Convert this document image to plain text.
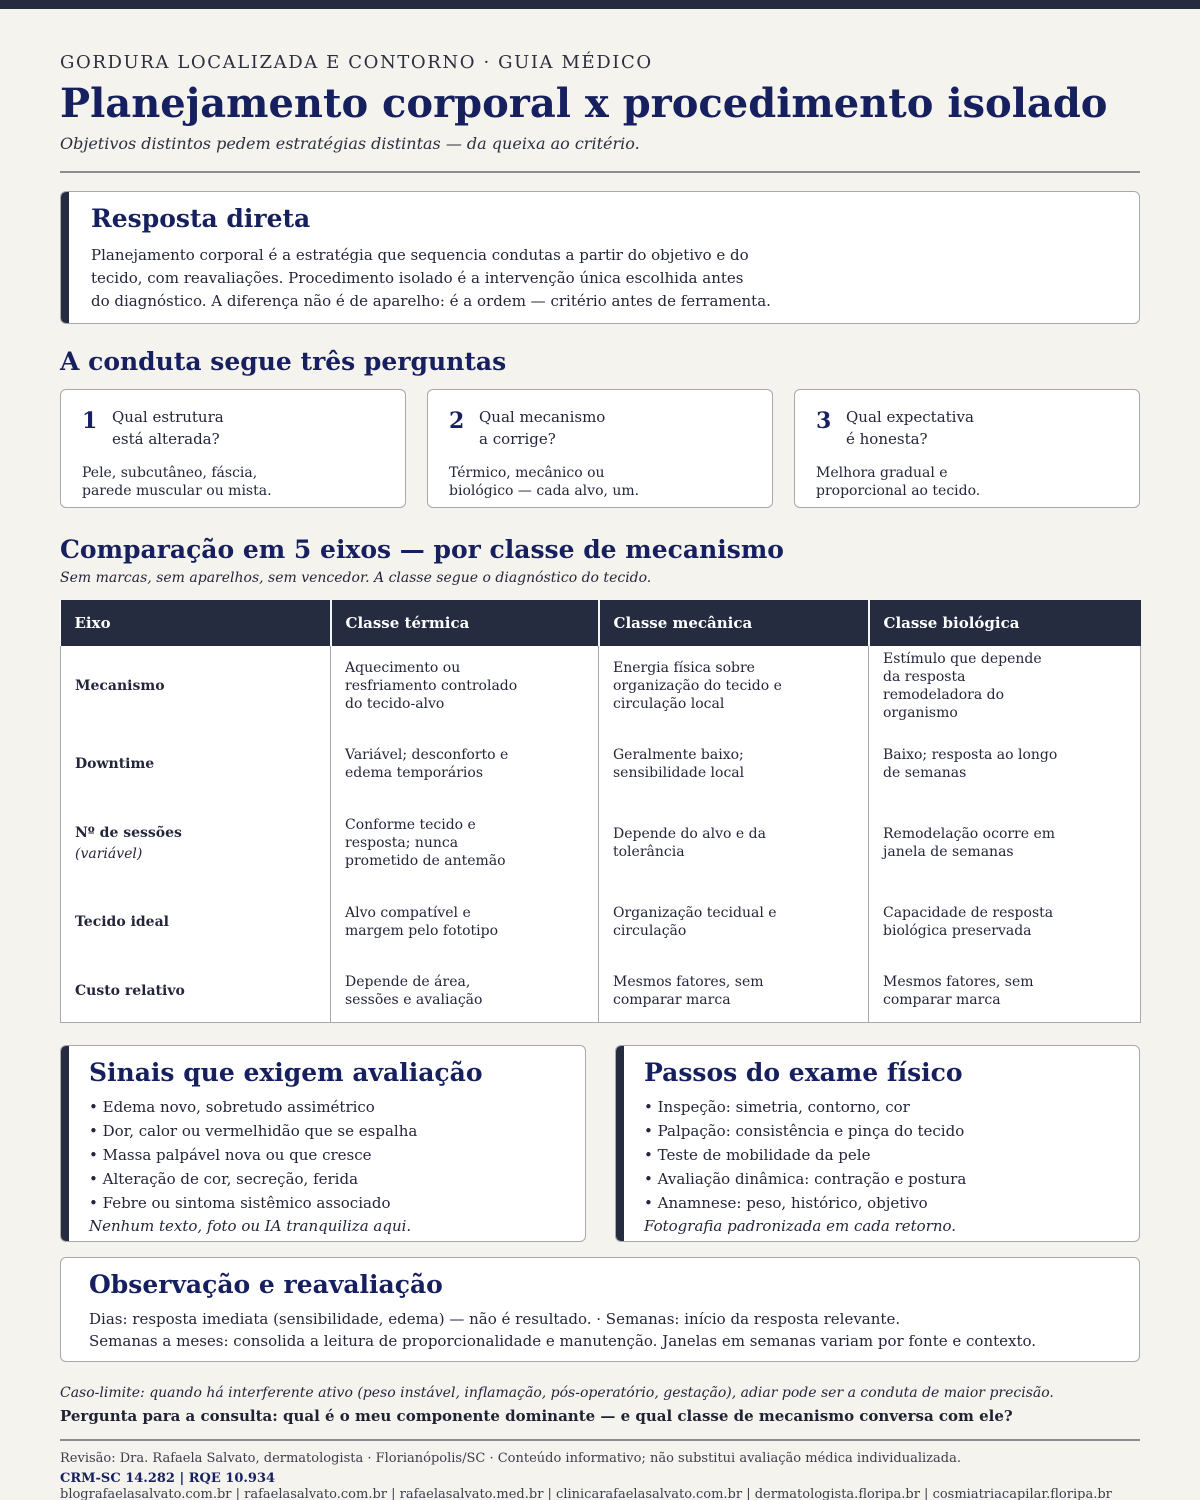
GORDURA LOCALIZADA E CONTORNO · GUIA MÉDICO
Planejamento corporal x procedimento isolado
Objetivos distintos pedem estratégias distintas — da queixa ao critério.
Resposta direta
Planejamento corporal é a estratégia que sequencia condutas a partir do objetivo e do
tecido, com reavaliações. Procedimento isolado é a intervenção única escolhida antes
do diagnóstico. A diferença não é de aparelho: é a ordem — critério antes de ferramenta.
A conduta segue três perguntas
1 Qual estrutura
está alterada?
Pele, subcutâneo, fáscia,
parede muscular ou mista.
2 Qual mecanismo
a corrige?
Térmico, mecânico ou
biológico — cada alvo, um.
3 Qual expectativa
é honesta?
Melhora gradual e
proporcional ao tecido.
Comparação em 5 eixos — por classe de mecanismo
Sem marcas, sem aparelhos, sem vencedor. A classe segue o diagnóstico do tecido.
Eixo	Classe térmica	Classe mecânica	Classe biológica
Mecanismo	Aquecimento ou resfriamento controlado do tecido-alvo	Energia física sobre organização do tecido e circulação local	Estímulo que depende da resposta remodeladora do organismo

Downtime	Variável; desconforto e edema temporários	Geralmente baixo; sensibilidade local	Baixo; resposta ao longo de semanas

Nº de sessões
(variável)	Conforme tecido e resposta; nunca prometido de antemão	Depende do alvo e da tolerância	Remodelação ocorre em janela de semanas

Tecido ideal	Alvo compatível e margem pelo fototipo	Organização tecidual e circulação	Capacidade de resposta biológica preservada

Custo relativo	Depende de área, sessões e avaliação	Mesmos fatores, sem comparar marca	Mesmos fatores, sem comparar marca
Sinais que exigem avaliação
• Edema novo, sobretudo assimétrico
• Dor, calor ou vermelhidão que se espalha
• Massa palpável nova ou que cresce
• Alteração de cor, secreção, ferida
• Febre ou sintoma sistêmico associado
Nenhum texto, foto ou IA tranquiliza aqui.
Passos do exame físico
• Inspeção: simetria, contorno, cor
• Palpação: consistência e pinça do tecido
• Teste de mobilidade da pele
• Avaliação dinâmica: contração e postura
• Anamnese: peso, histórico, objetivo
Fotografia padronizada em cada retorno.
Observação e reavaliação
Dias: resposta imediata (sensibilidade, edema) — não é resultado. · Semanas: início da resposta relevante.
Semanas a meses: consolida a leitura de proporcionalidade e manutenção. Janelas em semanas variam por fonte e contexto.
Caso-limite: quando há interferente ativo (peso instável, inflamação, pós-operatório, gestação), adiar pode ser a conduta de maior precisão.
Pergunta para a consulta: qual é o meu componente dominante — e qual classe de mecanismo conversa com ele?
Revisão: Dra. Rafaela Salvato, dermatologista · Florianópolis/SC · Conteúdo informativo; não substitui avaliação médica individualizada.
CRM-SC 14.282 | RQE 10.934
blografaelasalvato.com.br | rafaelasalvato.com.br | rafaelasalvato.med.br | clinicarafaelasalvato.com.br | dermatologista.floripa.br | cosmiatriacapilar.floripa.br
